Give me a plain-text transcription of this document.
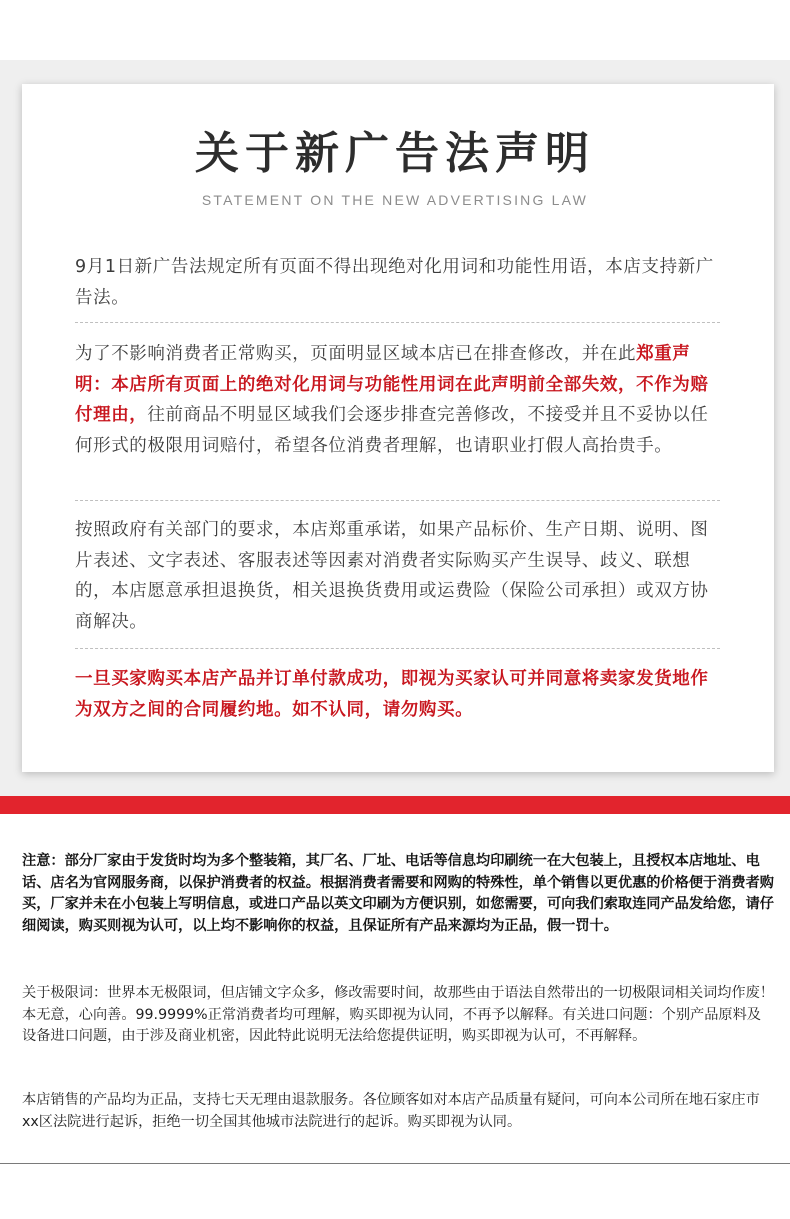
关于新广告法声明
STATEMENT ON THE NEW ADVERTISING LAW

9月1日新广告法规定所有页面不得出现绝对化用词和功能性用语，本店支持新广告法。

为了不影响消费者正常购买，页面明显区域本店已在排查修改，并在此郑重声明：本店所有页面上的绝对化用词与功能性用词在此声明前全部失效，不作为赔付理由，往前商品不明显区域我们会逐步排查完善修改，不接受并且不妥协以任何形式的极限用词赔付，希望各位消费者理解，也请职业打假人高抬贵手。

按照政府有关部门的要求，本店郑重承诺，如果产品标价、生产日期、说明、图片表述、文字表述、客服表述等因素对消费者实际购买产生误导、歧义、联想的，本店愿意承担退换货，相关退换货费用或运费险（保险公司承担）或双方协商解决。

一旦买家购买本店产品并订单付款成功，即视为买家认可并同意将卖家发货地作为双方之间的合同履约地。如不认同，请勿购买。

注意：部分厂家由于发货时均为多个整装箱，其厂名、厂址、电话等信息均印刷统一在大包装上，且授权本店地址、电话、店名为官网服务商，以保护消费者的权益。根据消费者需要和网购的特殊性，单个销售以更优惠的价格便于消费者购买，厂家并未在小包装上写明信息，或进口产品以英文印刷为方便识别，如您需要，可向我们索取连同产品发给您，请仔细阅读，购买则视为认可，以上均不影响你的权益，且保证所有产品来源均为正品，假一罚十。

关于极限词：世界本无极限词，但店铺文字众多，修改需要时间，故那些由于语法自然带出的一切极限词相关词均作废！本无意，心向善。99.9999%正常消费者均可理解，购买即视为认同，不再予以解释。有关进口问题：个别产品原料及设备进口问题，由于涉及商业机密，因此特此说明无法给您提供证明，购买即视为认可，不再解释。

本店销售的产品均为正品，支持七天无理由退款服务。各位顾客如对本店产品质量有疑问，可向本公司所在地石家庄市xx区法院进行起诉，拒绝一切全国其他城市法院进行的起诉。购买即视为认同。
